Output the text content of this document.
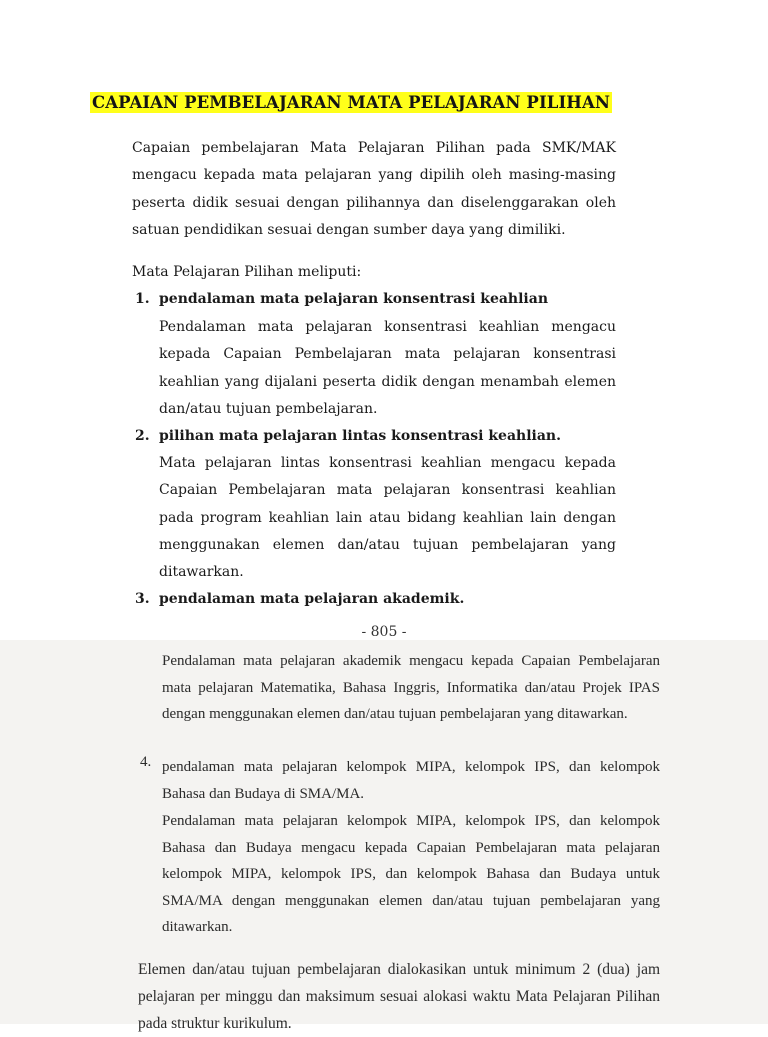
CAPAIAN PEMBELAJARAN MATA PELAJARAN PILIHAN
Capaian pembelajaran Mata Pelajaran Pilihan pada SMK/MAK mengacu kepada mata pelajaran yang dipilih oleh masing-masing peserta didik sesuai dengan pilihannya dan diselenggarakan oleh satuan pendidikan sesuai dengan sumber daya yang dimiliki.
Mata Pelajaran Pilihan meliputi:
1. pendalaman mata pelajaran konsentrasi keahlian
Pendalaman mata pelajaran konsentrasi keahlian mengacu kepada Capaian Pembelajaran mata pelajaran konsentrasi keahlian yang dijalani peserta didik dengan menambah elemen dan/atau tujuan pembelajaran.
2. pilihan mata pelajaran lintas konsentrasi keahlian.
Mata pelajaran lintas konsentrasi keahlian mengacu kepada Capaian Pembelajaran mata pelajaran konsentrasi keahlian pada program keahlian lain atau bidang keahlian lain dengan menggunakan elemen dan/atau tujuan pembelajaran yang ditawarkan.
3. pendalaman mata pelajaran akademik.
- 805 -
Pendalaman mata pelajaran akademik mengacu kepada Capaian Pembelajaran mata pelajaran Matematika, Bahasa Inggris, Informatika dan/atau Projek IPAS dengan menggunakan elemen dan/atau tujuan pembelajaran yang ditawarkan.
4. pendalaman mata pelajaran kelompok MIPA, kelompok IPS, dan kelompok Bahasa dan Budaya di SMA/MA.
Pendalaman mata pelajaran kelompok MIPA, kelompok IPS, dan kelompok Bahasa dan Budaya mengacu kepada Capaian Pembelajaran mata pelajaran kelompok MIPA, kelompok IPS, dan kelompok Bahasa dan Budaya untuk SMA/MA dengan menggunakan elemen dan/atau tujuan pembelajaran yang ditawarkan.
Elemen dan/atau tujuan pembelajaran dialokasikan untuk minimum 2 (dua) jam pelajaran per minggu dan maksimum sesuai alokasi waktu Mata Pelajaran Pilihan pada struktur kurikulum.
